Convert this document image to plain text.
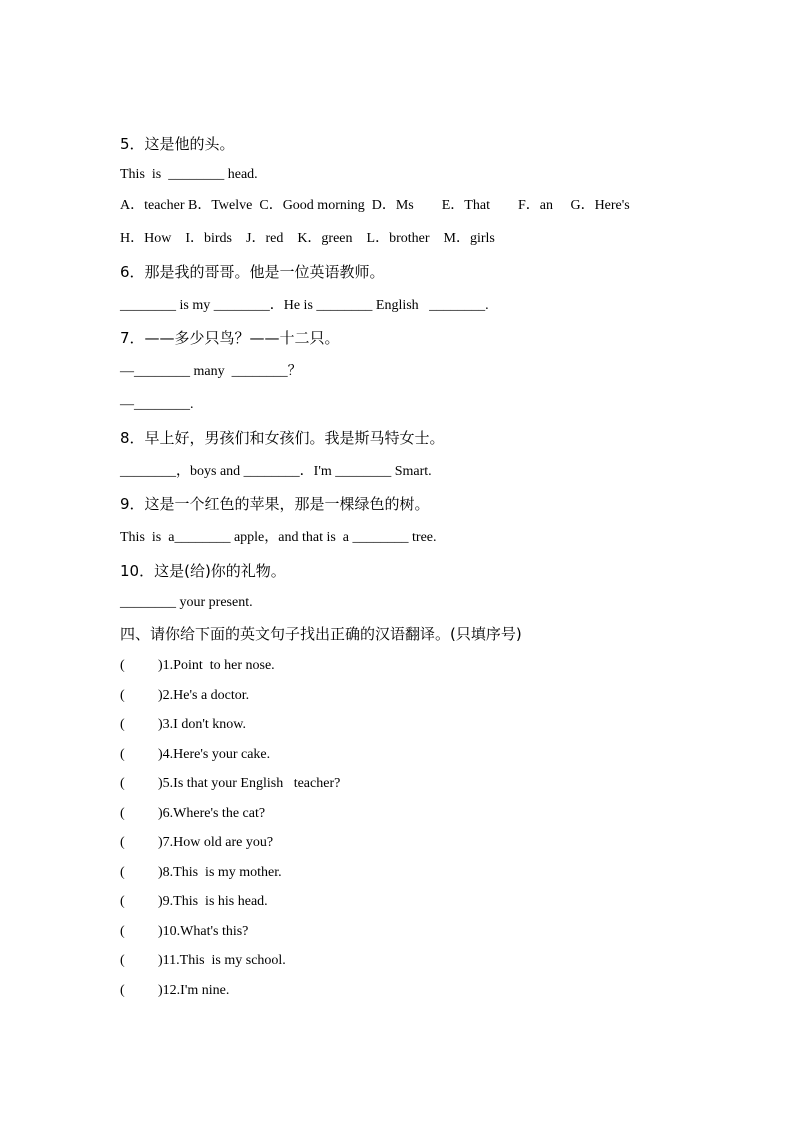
5．这是他的头。
This  is  ________ head.
A．teacher B．Twelve  C．Good morning  D．Ms        E．That        F．an     G．Here's
H．How    I．birds    J．red    K．green    L．brother    M．girls
6．那是我的哥哥。他是一位英语教师。
________ is my ________．He is ________ English   ________.
7．——多少只鸟？——十二只。
—________ many  ________？
—________.
8．早上好，男孩们和女孩们。我是斯马特女士。
________，boys and ________．I'm ________ Smart.
9．这是一个红色的苹果，那是一棵绿色的树。
This  is  a________ apple，and that is  a ________ tree.
10．这是(给)你的礼物。
________ your present.
四、请你给下面的英文句子找出正确的汉语翻译。(只填序号)
( )1.Point  to her nose.
( )2.He's a doctor.
( )3.I don't know.
( )4.Here's your cake.
( )5.Is that your English   teacher?
( )6.Where's the cat?
( )7.How old are you?
( )8.This  is my mother.
( )9.This  is his head.
( )10.What's this?
( )11.This  is my school.
( )12.I'm nine.
